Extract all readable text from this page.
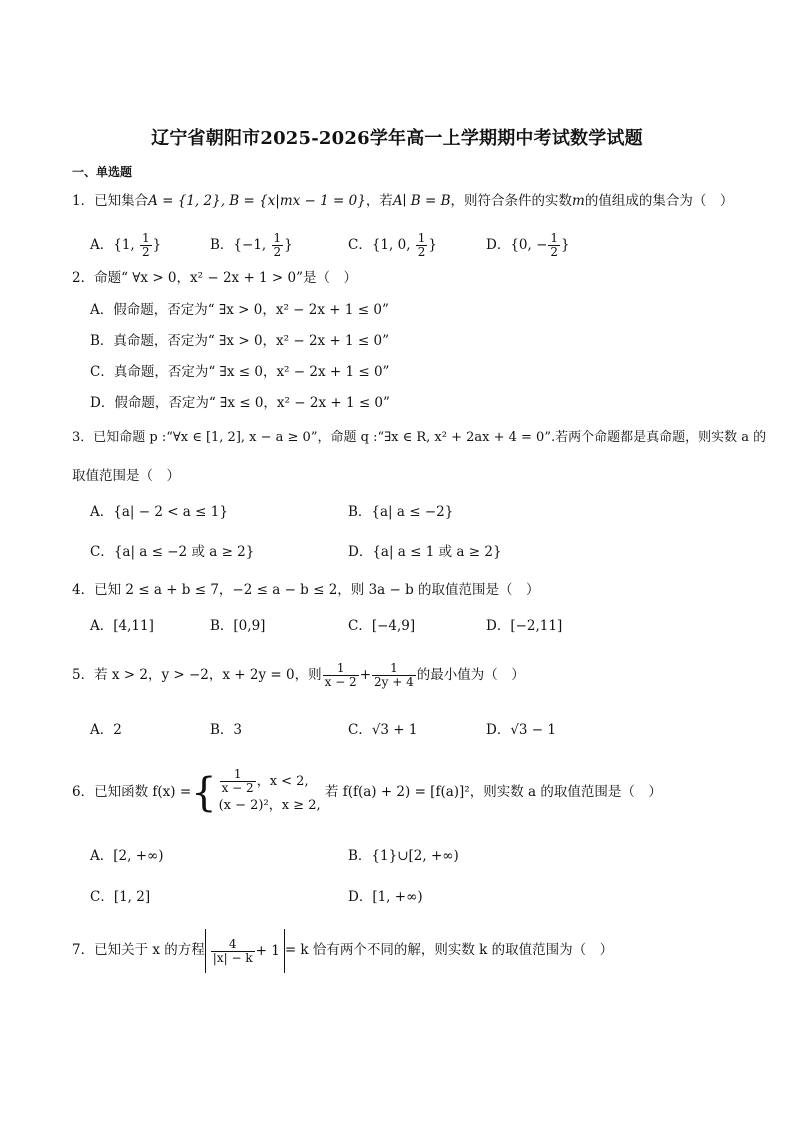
辽宁省朝阳市2025-2026学年高一上学期期中考试数学试题
一、单选题
1．已知集合A = {1, 2}, B = {x|mx − 1 = 0}，若A∣ B = B，则符合条件的实数m的值组成的集合为（　）
A．{1, $\frac{1}{2}$ }	B．{−1, $\frac{1}{2}$ }	C．{1, 0, $\frac{1}{2}$ }	D．{0, − $\frac{1}{2}$ }
2．命题“ ∀x > 0，x² − 2x + 1 > 0”是（　）
A．假命题，否定为“ ∃x > 0，x² − 2x + 1 ≤ 0”
B．真命题，否定为“ ∃x > 0，x² − 2x + 1 ≤ 0”
C．真命题，否定为“ ∃x ≤ 0，x² − 2x + 1 ≤ 0”
D．假命题，否定为“ ∃x ≤ 0，x² − 2x + 1 ≤ 0”
3．已知命题 p :“∀x ∈ [1, 2], x − a ≥ 0”，命题 q :“∃x ∈ R, x² + 2ax + 4 = 0”.若两个命题都是真命题，则实数 a 的
取值范围是（　）
A．{a| − 2 < a ≤ 1}	B．{a| a ≤ −2}
C．{a| a ≤ −2 或 a ≥ 2}	D．{a| a ≤ 1 或 a ≥ 2}
4．已知 2 ≤ a + b ≤ 7，−2 ≤ a − b ≤ 2，则 3a − b 的取值范围是（　）
A．[4,11]	B．[0,9]	C．[−4,9]	D．[−2,11]
5．若 x > 2，y > −2，x + 2y = 0，则 $\frac{1}{x - 2} + \frac{1}{2y + 4}$ 的最小值为（　）
A．2	B．3	C．√3 + 1	D．√3 − 1
6．已知函数 f(x) ={ $\frac{1}{x - 2}$ ，x < 2,
(x − 2)²，x ≥ 2,
若 f(f(a) + 2) = [f(a)]²，则实数 a 的取值范围是（　）
A．[2, +∞)	B．{1}∪[2, +∞)
C．[1, 2]	D．[1, +∞)
7．已知关于 x 的方程 $\frac{4}{|x| - k} + 1 = k$ 恰有两个不同的解，则实数 k 的取值范围为（　）
